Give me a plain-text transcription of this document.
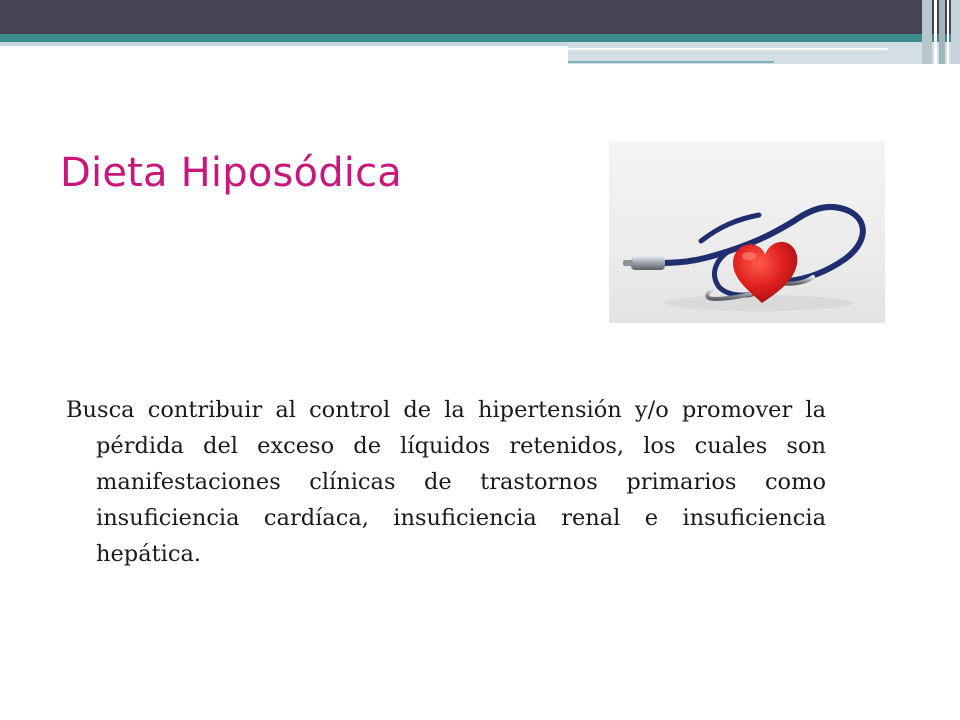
Dieta Hiposódica

Busca contribuir al control de la hipertensión y/o promover la pérdida del exceso de líquidos retenidos, los cuales son manifestaciones clínicas de trastornos primarios como insuficiencia cardíaca, insuficiencia renal e insuficiencia hepática.
